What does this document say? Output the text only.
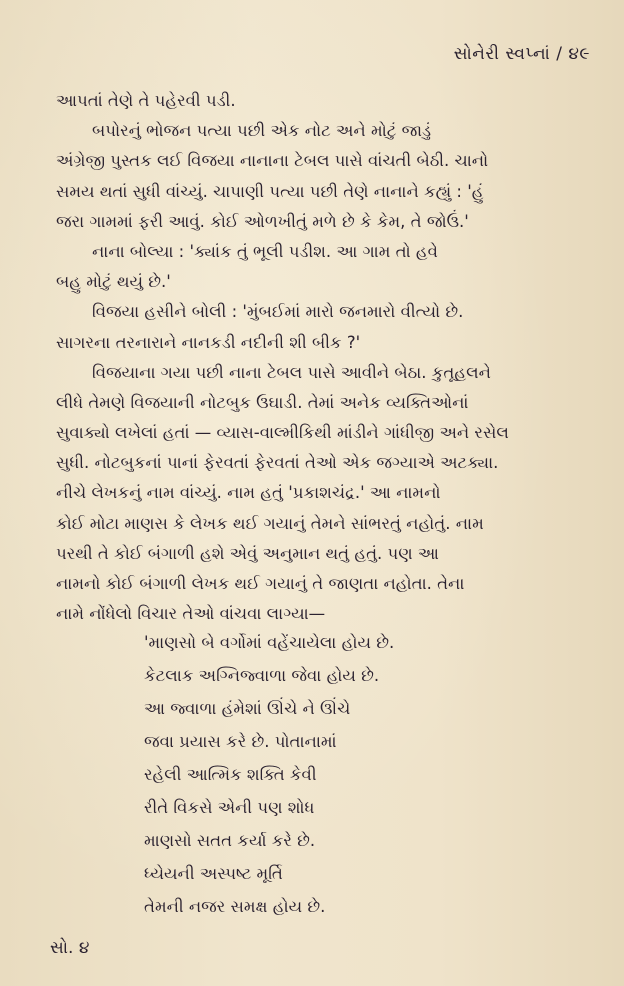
સોનેરી સ્વપ્નાં / ૪૯
આપતાં તેણે તે પહેરવી પડી.
બપોરનું ભોજન પત્યા પછી એક નોટ અને મોટું જાડું
અંગ્રેજી પુસ્તક લઈ વિજયા નાનાના ટેબલ પાસે વાંચતી બેઠી. ચાનો
સમય થતાં સુધી વાંચ્યું. ચાપાણી પત્યા પછી તેણે નાનાને કહ્યું : 'હું
જરા ગામમાં ફરી આવું. કોઈ ઓળખીતું મળે છે કે કેમ, તે જોઉં.'
નાના બોલ્યા : 'ક્યાંક તું ભૂલી પડીશ. આ ગામ તો હવે
બહુ મોટું થયું છે.'
વિજયા હસીને બોલી : 'મુંબઈમાં મારો જનમારો વીત્યો છે.
સાગરના તરનારાને નાનકડી નદીની શી બીક ?'
વિજયાના ગયા પછી નાના ટેબલ પાસે આવીને બેઠા. કુતૂહલને
લીધે તેમણે વિજયાની નોટબુક ઉઘાડી. તેમાં અનેક વ્યક્તિઓનાં
સુવાક્યો લખેલાં હતાં — વ્યાસ-વાલ્મીકિથી માંડીને ગાંધીજી અને રસેલ
સુધી. નોટબુકનાં પાનાં ફેરવતાં ફેરવતાં તેઓ એક જગ્યાએ અટક્યા.
નીચે લેખકનું નામ વાંચ્યું. નામ હતું 'પ્રકાશચંદ્ર.' આ નામનો
કોઈ મોટા માણસ કે લેખક થઈ ગયાનું તેમને સાંભરતું નહોતું. નામ
પરથી તે કોઈ બંગાળી હશે એવું અનુમાન થતું હતું. પણ આ
નામનો કોઈ બંગાળી લેખક થઈ ગયાનું તે જાણતા નહોતા. તેના
નામે નોંધેલો વિચાર તેઓ વાંચવા લાગ્યા—
'માણસો બે વર્ગોમાં વહેંચાયેલા હોય છે.
કેટલાક અગ્નિજ્વાળા જેવા હોય છે.
આ જ્વાળા હંમેશાં ઊંચે ને ઊંચે
જવા પ્રયાસ કરે છે. પોતાનામાં
રહેલી આત્મિક શક્તિ કેવી
રીતે વિકસે એની પણ શોધ
માણસો સતત કર્યા કરે છે.
ધ્યેયની અસ્પષ્ટ મૂર્તિ
તેમની નજર સમક્ષ હોય છે.
સો. ૪
